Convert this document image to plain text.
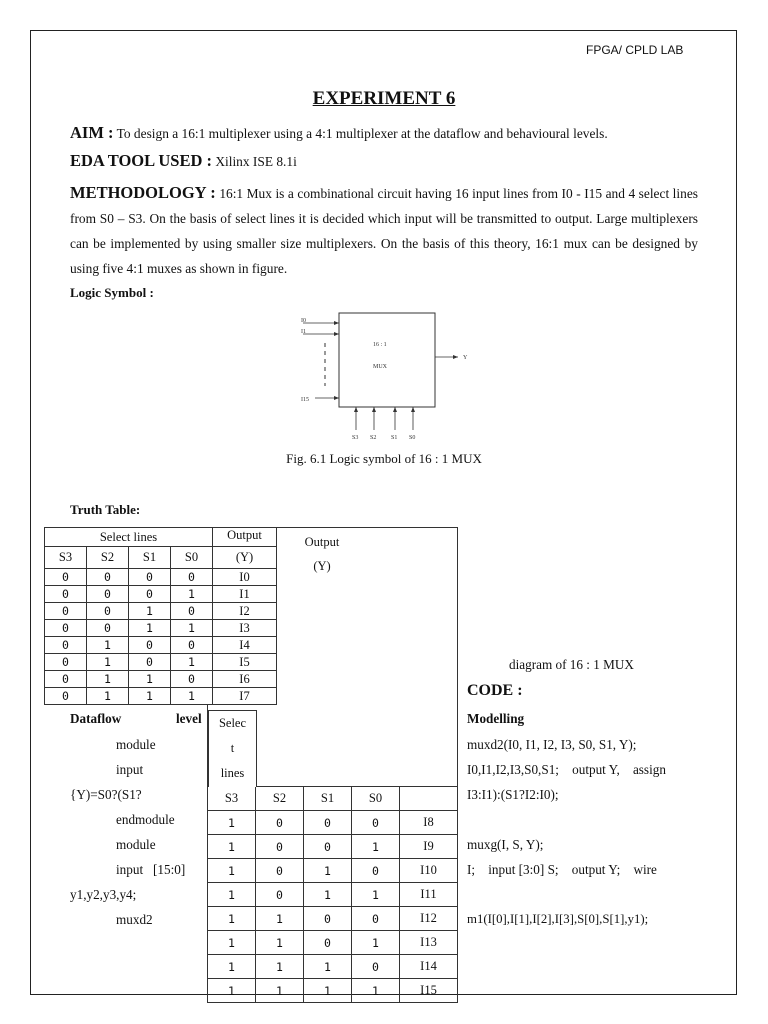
FPGA/ CPLD LAB
EXPERIMENT 6
AIM : To design a 16:1 multiplexer using a 4:1 multiplexer at the dataflow and behavioural levels.
EDA TOOL USED : Xilinx ISE 8.1i
METHODOLOGY : 16:1 Mux is a combinational circuit having 16 input lines from I0 - I15 and 4 select lines from S0 – S3. On the basis of select lines it is decided which input will be transmitted to output. Large multiplexers can be implemented by using smaller size multiplexers. On the basis of this theory, 16:1 mux can be designed by using five 4:1 muxes as shown in figure.
Logic Symbol :
I0
I1
I15
16 : 1
MUX
Y
S3 S2 S1 S0
Fig. 6.1 Logic symbol of 16 : 1 MUX
Truth Table:
Output
(Y)				

S3	S2	S1	S0	
1	0	0	0	I8
1	0	0	1	I9
1	0	1	0	I10
1	0	1	1	I11
1	1	0	0	I12
1	1	0	1	I13
1	1	1	0	I14
1	1	1	1	I15
Selec
t
lines
Select lines				Output
S3	S2	S1	S0	(Y)
0	0	0	0	I0
0	0	0	1	I1
0	0	1	0	I2
0	0	1	1	I3
0	1	0	0	I4
0	1	0	1	I5
0	1	1	0	I6
0	1	1	1	I7
diagram of 16 : 1 MUX
CODE :
Modelling
muxd2(I0, I1, I2, I3, S0, S1, Y);
I0,I1,I2,I3,S0,S1;    output Y,    assign
I3:I1):(S1?I2:I0);
muxg(I, S, Y);
I;    input [3:0] S;    output Y;    wire
m1(I[0],I[1],I[2],I[3],S[0],S[1],y1);
Dataflow	level
module
input
{Y)=S0?(S1?
endmodule
module
input   [15:0]
y1,y2,y3,y4;
muxd2
